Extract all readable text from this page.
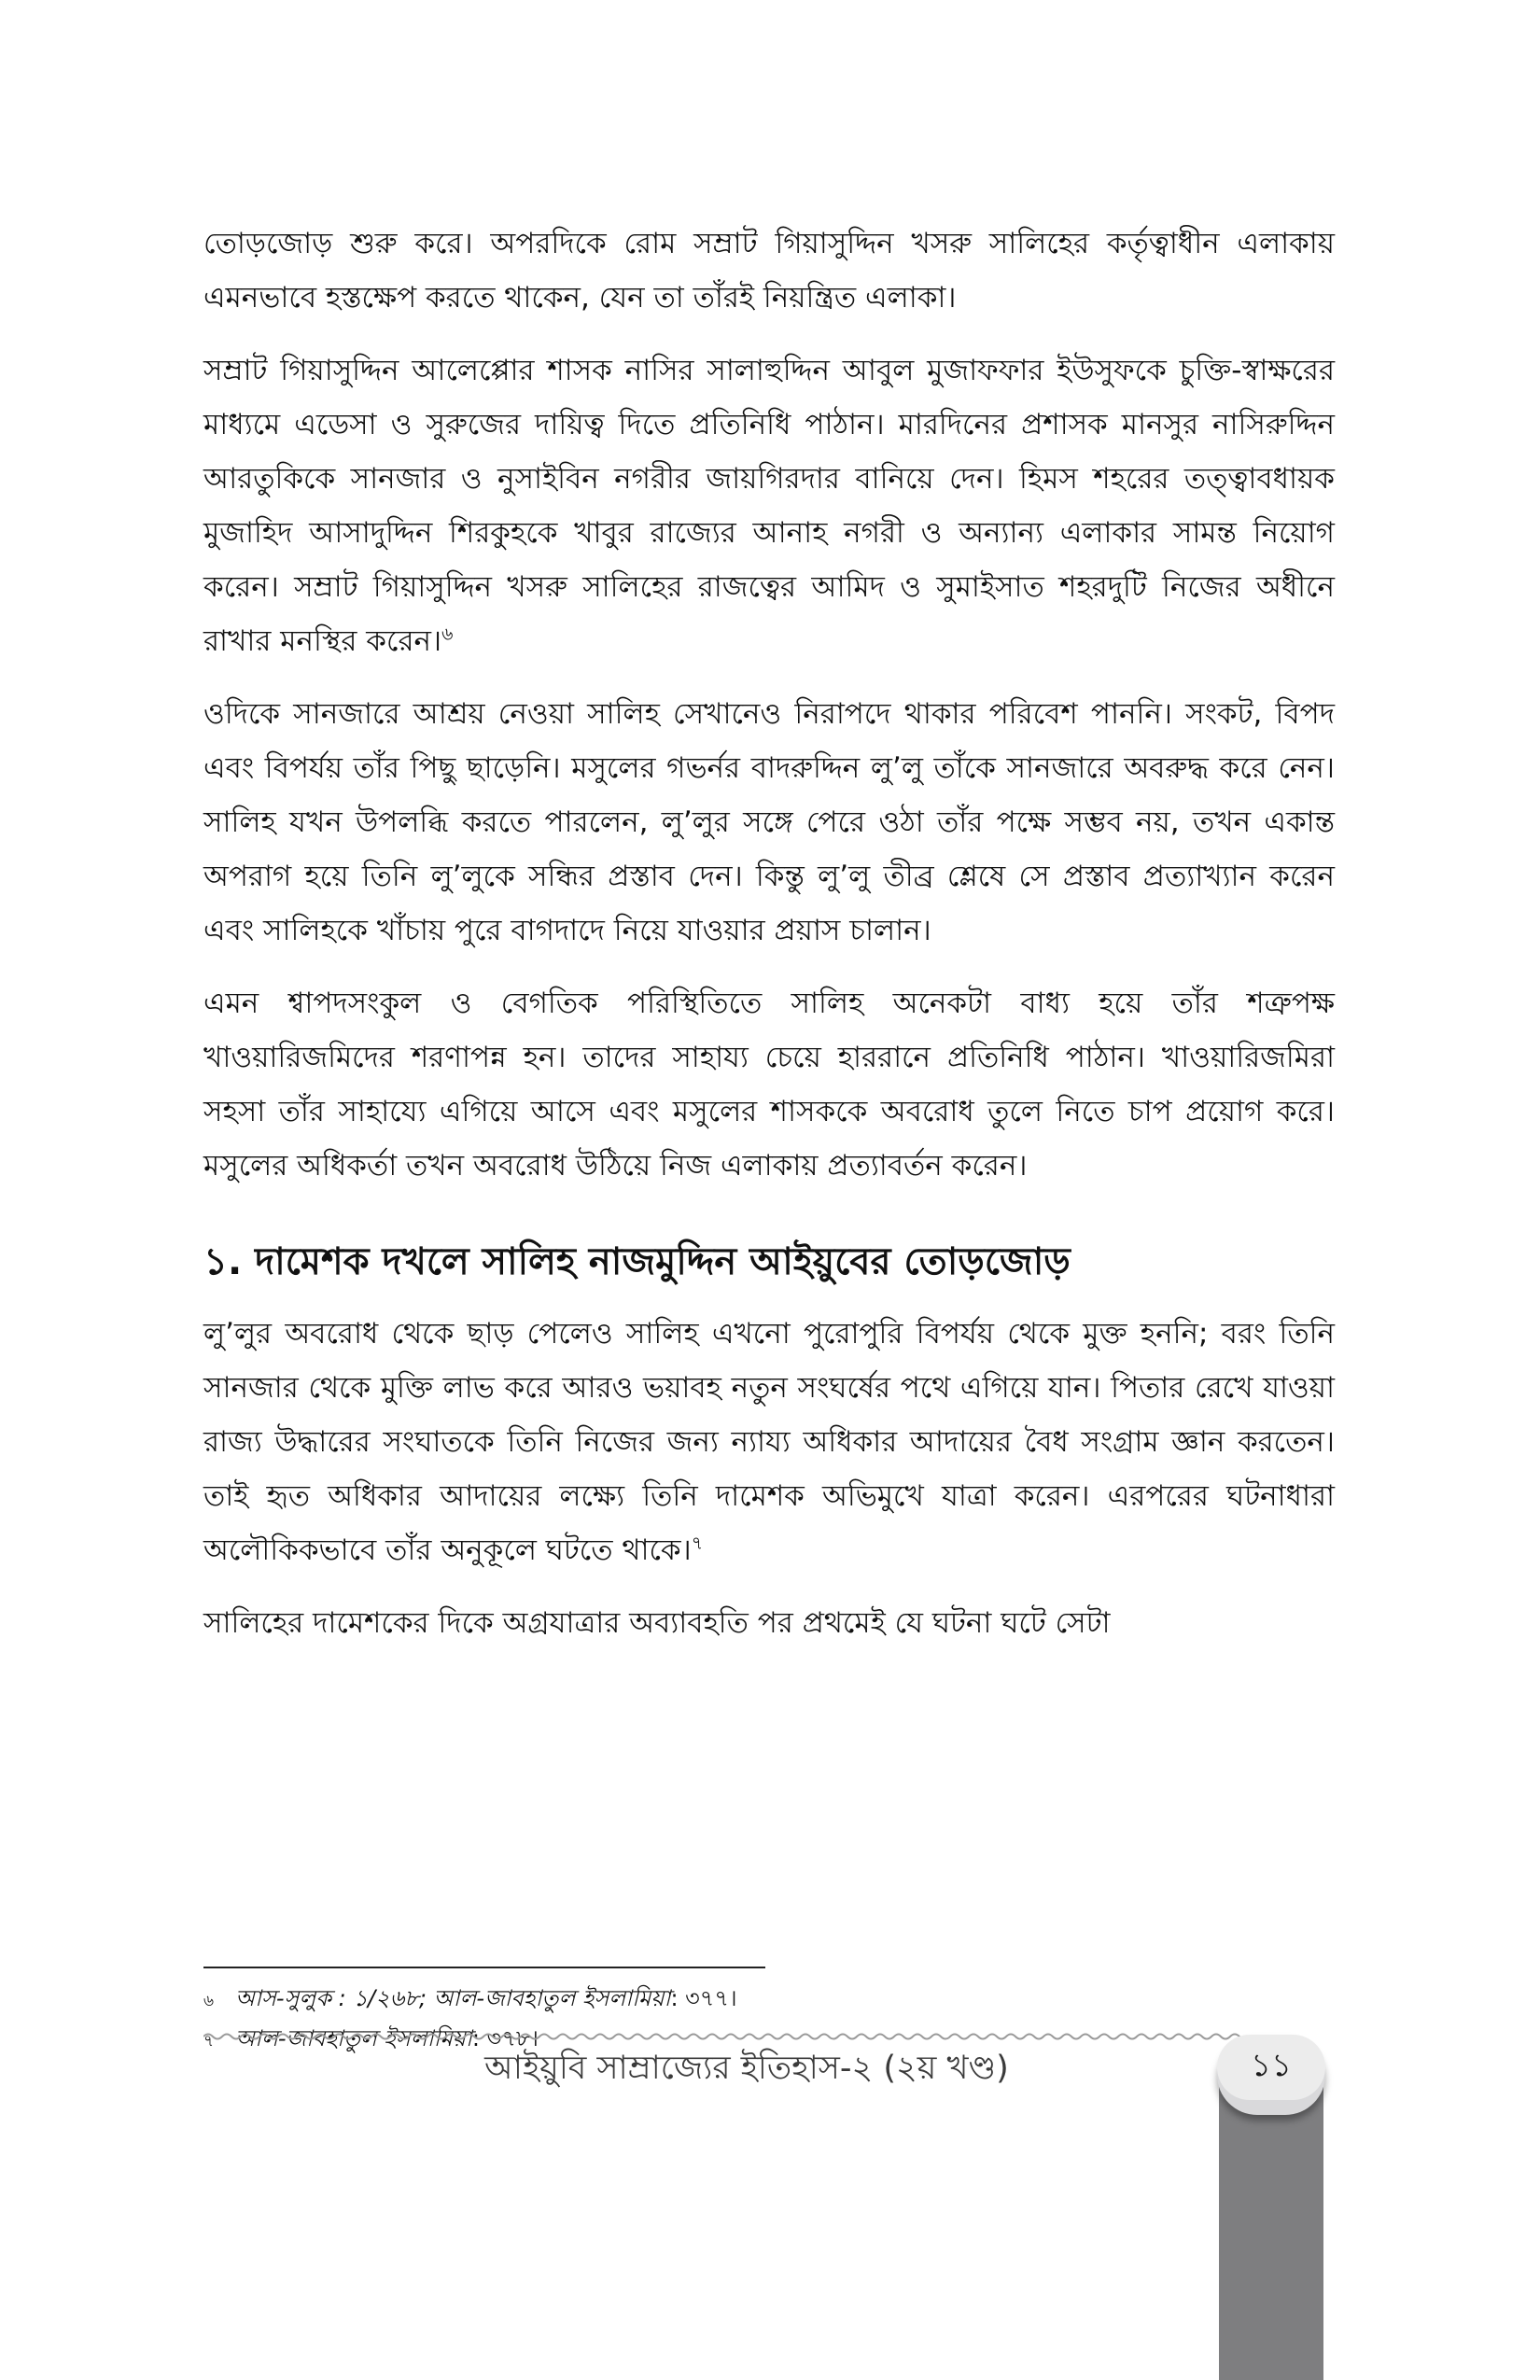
তোড়জোড় শুরু করে। অপরদিকে রোম সম্রাট গিয়াসুদ্দিন খসরু সালিহের কর্তৃত্বাধীন এলাকায় এমনভাবে হস্তক্ষেপ করতে থাকেন, যেন তা তাঁরই নিয়ন্ত্রিত এলাকা।

সম্রাট গিয়াসুদ্দিন আলেপ্পোর শাসক নাসির সালাহুদ্দিন আবুল মুজাফফার ইউসুফকে চুক্তি-স্বাক্ষরের মাধ্যমে এডেসা ও সুরুজের দায়িত্ব দিতে প্রতিনিধি পাঠান। মারদিনের প্রশাসক মানসুর নাসিরুদ্দিন আরতুকিকে সানজার ও নুসাইবিন নগরীর জায়গিরদার বানিয়ে দেন। হিমস শহরের তত্ত্বাবধায়ক মুজাহিদ আসাদুদ্দিন শিরকুহকে খাবুর রাজ্যের আনাহ নগরী ও অন্যান্য এলাকার সামন্ত নিয়োগ করেন। সম্রাট গিয়াসুদ্দিন খসরু সালিহের রাজত্বের আমিদ ও সুমাইসাত শহরদুটি নিজের অধীনে রাখার মনস্থির করেন।$^৬$

ওদিকে সানজারে আশ্রয় নেওয়া সালিহ সেখানেও নিরাপদে থাকার পরিবেশ পাননি। সংকট, বিপদ এবং বিপর্যয় তাঁর পিছু ছাড়েনি। মসুলের গভর্নর বাদরুদ্দিন লু’লু তাঁকে সানজারে অবরুদ্ধ করে নেন। সালিহ যখন উপলব্ধি করতে পারলেন, লু’লুর সঙ্গে পেরে ওঠা তাঁর পক্ষে সম্ভব নয়, তখন একান্ত অপরাগ হয়ে তিনি লু’লুকে সন্ধির প্রস্তাব দেন। কিন্তু লু’লু তীব্র শ্লেষে সে প্রস্তাব প্রত্যাখ্যান করেন এবং সালিহকে খাঁচায় পুরে বাগদাদে নিয়ে যাওয়ার প্রয়াস চালান।

এমন শ্বাপদসংকুল ও বেগতিক পরিস্থিতিতে সালিহ অনেকটা বাধ্য হয়ে তাঁর শত্রুপক্ষ খাওয়ারিজমিদের শরণাপন্ন হন। তাদের সাহায্য চেয়ে হাররানে প্রতিনিধি পাঠান। খাওয়ারিজমিরা সহসা তাঁর সাহায্যে এগিয়ে আসে এবং মসুলের শাসককে অবরোধ তুলে নিতে চাপ প্রয়োগ করে। মসুলের অধিকর্তা তখন অবরোধ উঠিয়ে নিজ এলাকায় প্রত্যাবর্তন করেন।

১. দামেশক দখলে সালিহ নাজমুদ্দিন আইয়ুবের তোড়জোড়

লু’লুর অবরোধ থেকে ছাড় পেলেও সালিহ এখনো পুরোপুরি বিপর্যয় থেকে মুক্ত হননি; বরং তিনি সানজার থেকে মুক্তি লাভ করে আরও ভয়াবহ নতুন সংঘর্ষের পথে এগিয়ে যান। পিতার রেখে যাওয়া রাজ্য উদ্ধারের সংঘাতকে তিনি নিজের জন্য ন্যায্য অধিকার আদায়ের বৈধ সংগ্রাম জ্ঞান করতেন। তাই হৃত অধিকার আদায়ের লক্ষ্যে তিনি দামেশক অভিমুখে যাত্রা করেন। এরপরের ঘটনাধারা অলৌকিকভাবে তাঁর অনুকূলে ঘটতে থাকে।$^৭$

সালিহের দামেশকের দিকে অগ্রযাত্রার অব্যাবহতি পর প্রথমেই যে ঘটনা ঘটে সেটা

৬ আস-সুলুক : ১/২৬৮; আল-জাবহাতুল ইসলামিয়া : ৩৭৭।
৭ আল-জাবহাতুল ইসলামিয়া : ৩৭৮।
১১
আইয়ুবি সাম্রাজ্যের ইতিহাস-২ (২য় খণ্ড)
